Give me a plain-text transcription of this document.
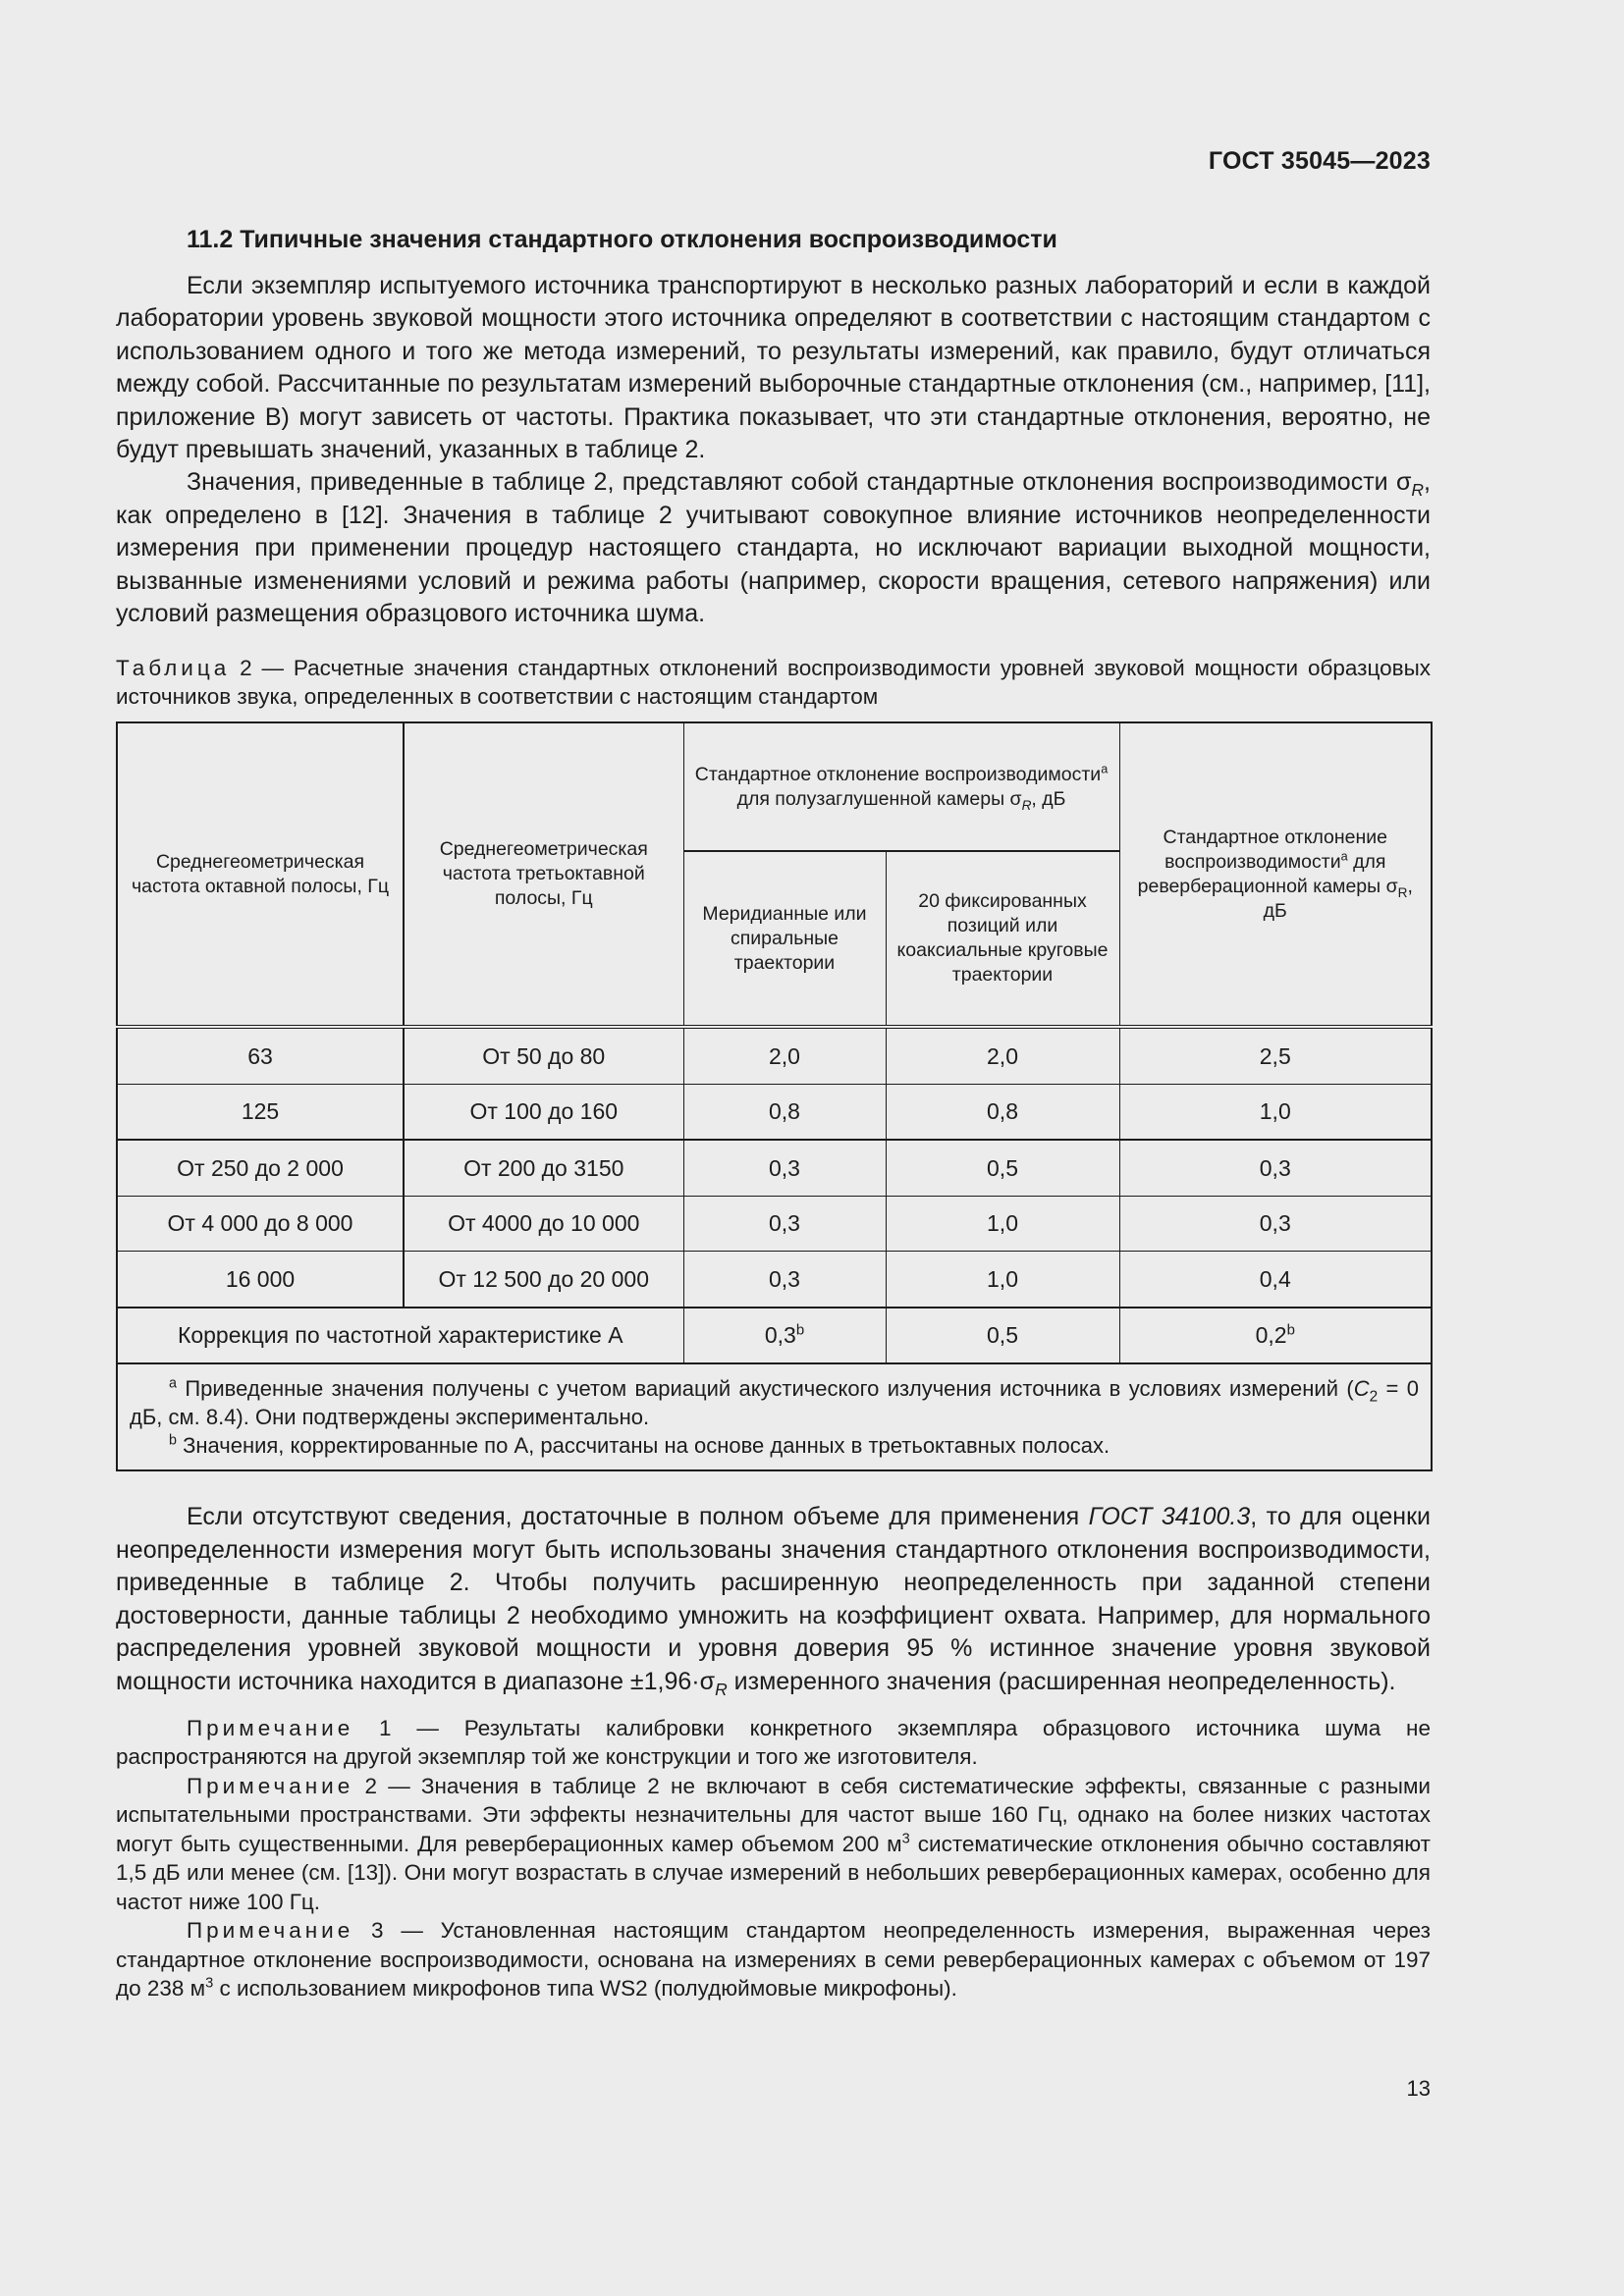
ГОСТ 35045—2023
11.2 Типичные значения стандартного отклонения воспроизводимости

Если экземпляр испытуемого источника транспортируют в несколько разных лабораторий и если в каждой лаборатории уровень звуковой мощности этого источника определяют в соответствии с настоящим стандартом с использованием одного и того же метода измерений, то результаты измерений, как правило, будут отличаться между собой. Рассчитанные по результатам измерений выборочные стандартные отклонения (см., например, [11], приложение В) могут зависеть от частоты. Практика показывает, что эти стандартные отклонения, вероятно, не будут превышать значений, указанных в таблице 2.

Значения, приведенные в таблице 2, представляют собой стандартные отклонения воспроизводимости $\sigma_R$, как определено в [12]. Значения в таблице 2 учитывают совокупное влияние источников неопределенности измерения при применении процедур настоящего стандарта, но исключают вариации выходной мощности, вызванные изменениями условий и режима работы (например, скорости вращения, сетевого напряжения) или условий размещения образцового источника шума.

Таблица 2 — Расчетные значения стандартных отклонений воспроизводимости уровней звуковой мощности образцовых источников звука, определенных в соответствии с настоящим стандартом
Среднегеометрическая частота октавной полосы, Гц	Среднегеометрическая частота третьоктавной полосы, Гц	Стандартное отклонение воспроизводимости$^a$ для полузаглушенной камеры $\sigma_R$, дБ		Стандартное отклонение воспроизводимости$^a$ для реверберационной камеры $\sigma_R$, дБ
		Меридианные или спиральные траектории	20 фиксированных позиций или коаксиальные круговые траектории	
63	От 50 до 80	2,0	2,0	2,5
125	От 100 до 160	0,8	0,8	1,0
От 250 до 2 000	От 200 до 3150	0,3	0,5	0,3
От 4 000 до 8 000	От 4000 до 10 000	0,3	1,0	0,3
16 000	От 12 500 до 20 000	0,3	1,0	0,4
Коррекция по частотной характеристике А		0,3$^b$	0,5	0,2$^b$

$^a$ Приведенные значения получены с учетом вариаций акустического излучения источника в условиях измерений ($C_2 = 0$ дБ, см. 8.4). Они подтверждены экспериментально.
$^b$ Значения, корректированные по А, рассчитаны на основе данных в третьоктавных полосах.				

Если отсутствуют сведения, достаточные в полном объеме для применения ГОСТ 34100.3, то для оценки неопределенности измерения могут быть использованы значения стандартного отклонения воспроизводимости, приведенные в таблице 2. Чтобы получить расширенную неопределенность при заданной степени достоверности, данные таблицы 2 необходимо умножить на коэффициент охвата. Например, для нормального распределения уровней звуковой мощности и уровня доверия 95 % истинное значение уровня звуковой мощности источника находится в диапазоне $\pm 1,96\cdot\sigma_R$ измеренного значения (расширенная неопределенность).

Примечание 1 — Результаты калибровки конкретного экземпляра образцового источника шума не распространяются на другой экземпляр той же конструкции и того же изготовителя.

Примечание 2 — Значения в таблице 2 не включают в себя систематические эффекты, связанные с разными испытательными пространствами. Эти эффекты незначительны для частот выше 160 Гц, однако на более низких частотах могут быть существенными. Для реверберационных камер объемом 200 $м^3$ систематические отклонения обычно составляют 1,5 дБ или менее (см. [13]). Они могут возрастать в случае измерений в небольших реверберационных камерах, особенно для частот ниже 100 Гц.

Примечание 3 — Установленная настоящим стандартом неопределенность измерения, выраженная через стандартное отклонение воспроизводимости, основана на измерениях в семи реверберационных камерах с объемом от 197 до 238 $м^3$ с использованием микрофонов типа WS2 (полудюймовые микрофоны).

13
